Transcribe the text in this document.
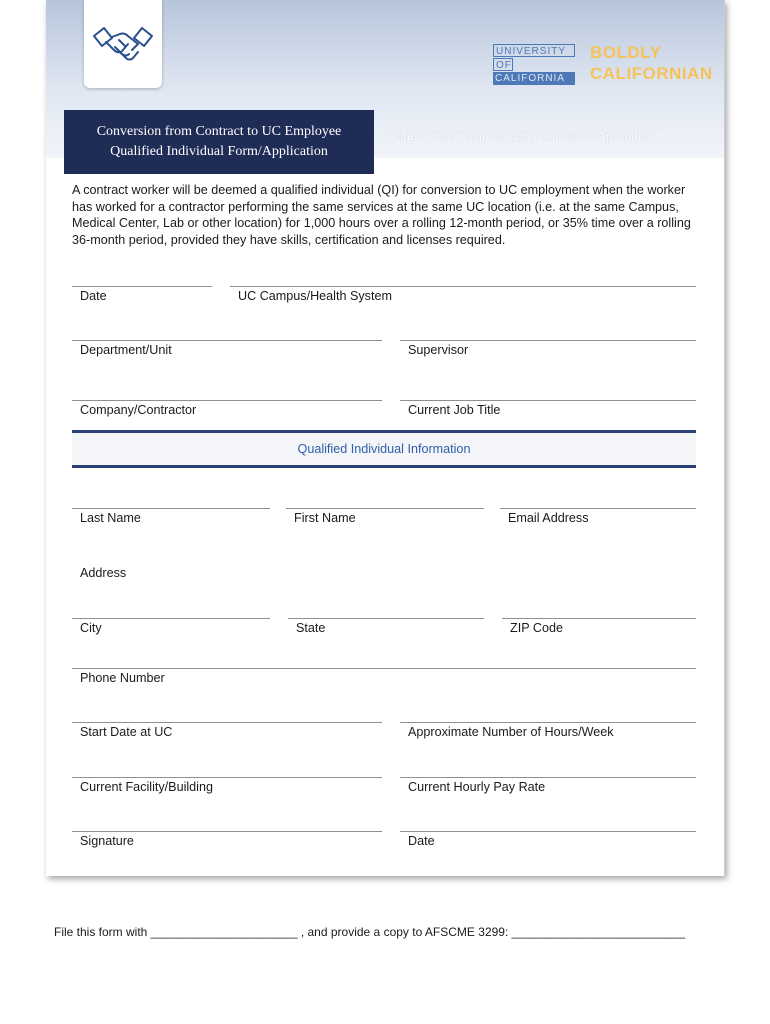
UNIVERSITY
OF
CALIFORNIA
BOLDLY
CALIFORNIAN
Patient Care Technical (EX) Contract – Appendix J
Conversion from Contract to UC Employee
Qualified Individual Form/Application
A contract worker will be deemed a qualified individual (QI) for conversion to UC employment when the worker has worked for a contractor performing the same services at the same UC location (i.e. at the same Campus, Medical Center, Lab or other location) for 1,000 hours over a rolling 12-month period, or 35% time over a rolling 36-month period, provided they have skills, certification and licenses required.
Date	UC Campus/Health System
Department/Unit	Supervisor
Company/Contractor	Current Job Title
Qualified Individual Information
Last Name	First Name	Email Address
Address
City	State	ZIP Code
Phone Number
Start Date at UC	Approximate Number of Hours/Week
Current Facility/Building	Current Hourly Pay Rate
Signature	Date
File this form with ______________________ , and provide a copy to AFSCME 3299: __________________________
